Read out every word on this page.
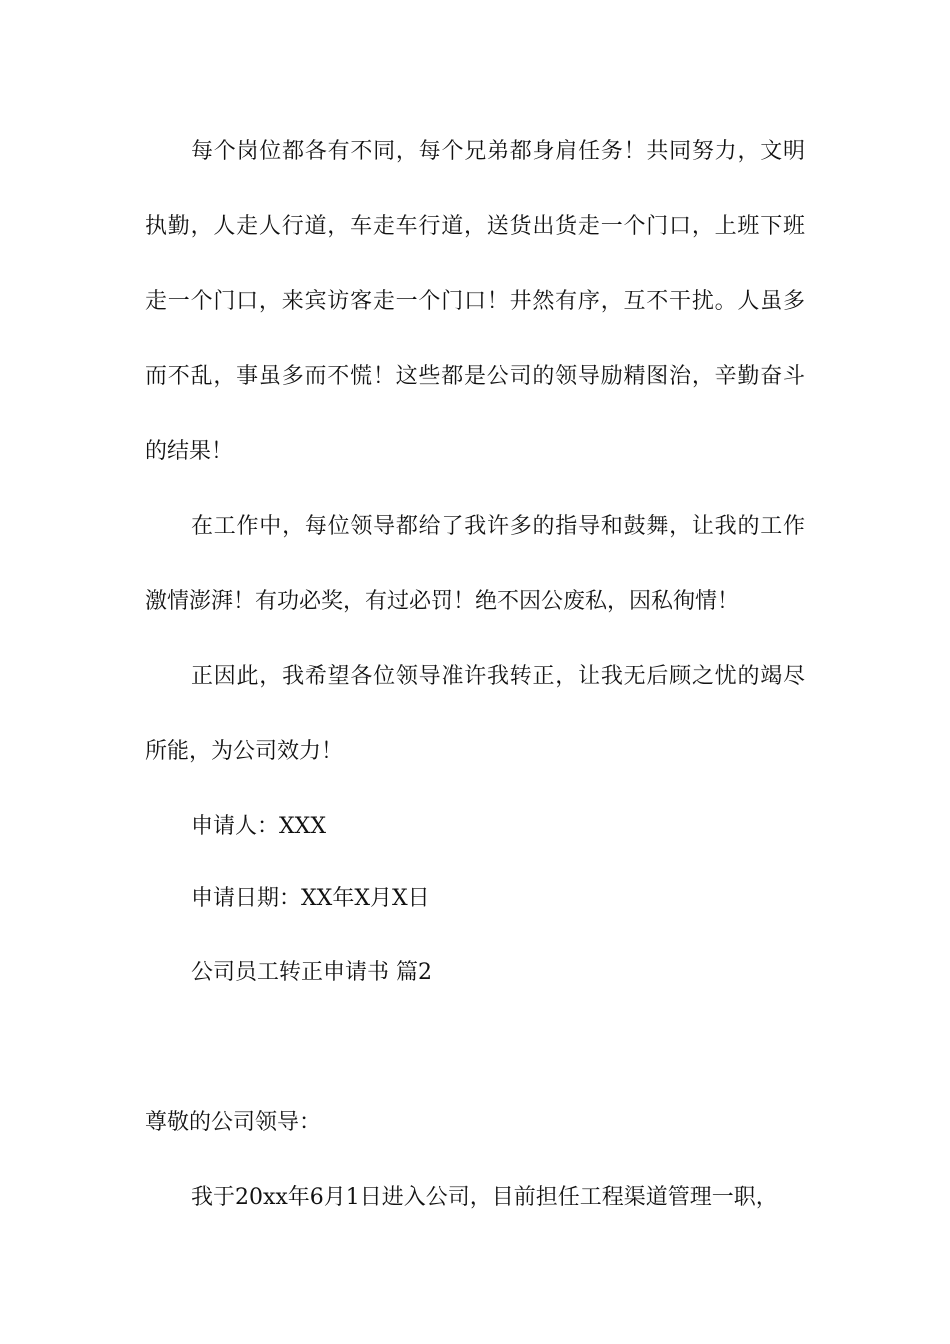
每个岗位都各有不同，每个兄弟都身肩任务！共同努力，文明
执勤，人走人行道，车走车行道，送货出货走一个门口，上班下班
走一个门口，来宾访客走一个门口！井然有序，互不干扰。人虽多
而不乱，事虽多而不慌！这些都是公司的领导励精图治，辛勤奋斗
的结果！
在工作中，每位领导都给了我许多的指导和鼓舞，让我的工作
激情澎湃！有功必奖，有过必罚！绝不因公废私，因私徇情！
正因此，我希望各位领导准许我转正，让我无后顾之忧的竭尽
所能，为公司效力！
申请人：XXX
申请日期：XX年X月X日
公司员工转正申请书 篇2
尊敬的公司领导：
我于20xx年6月1日进入公司，目前担任工程渠道管理一职，
